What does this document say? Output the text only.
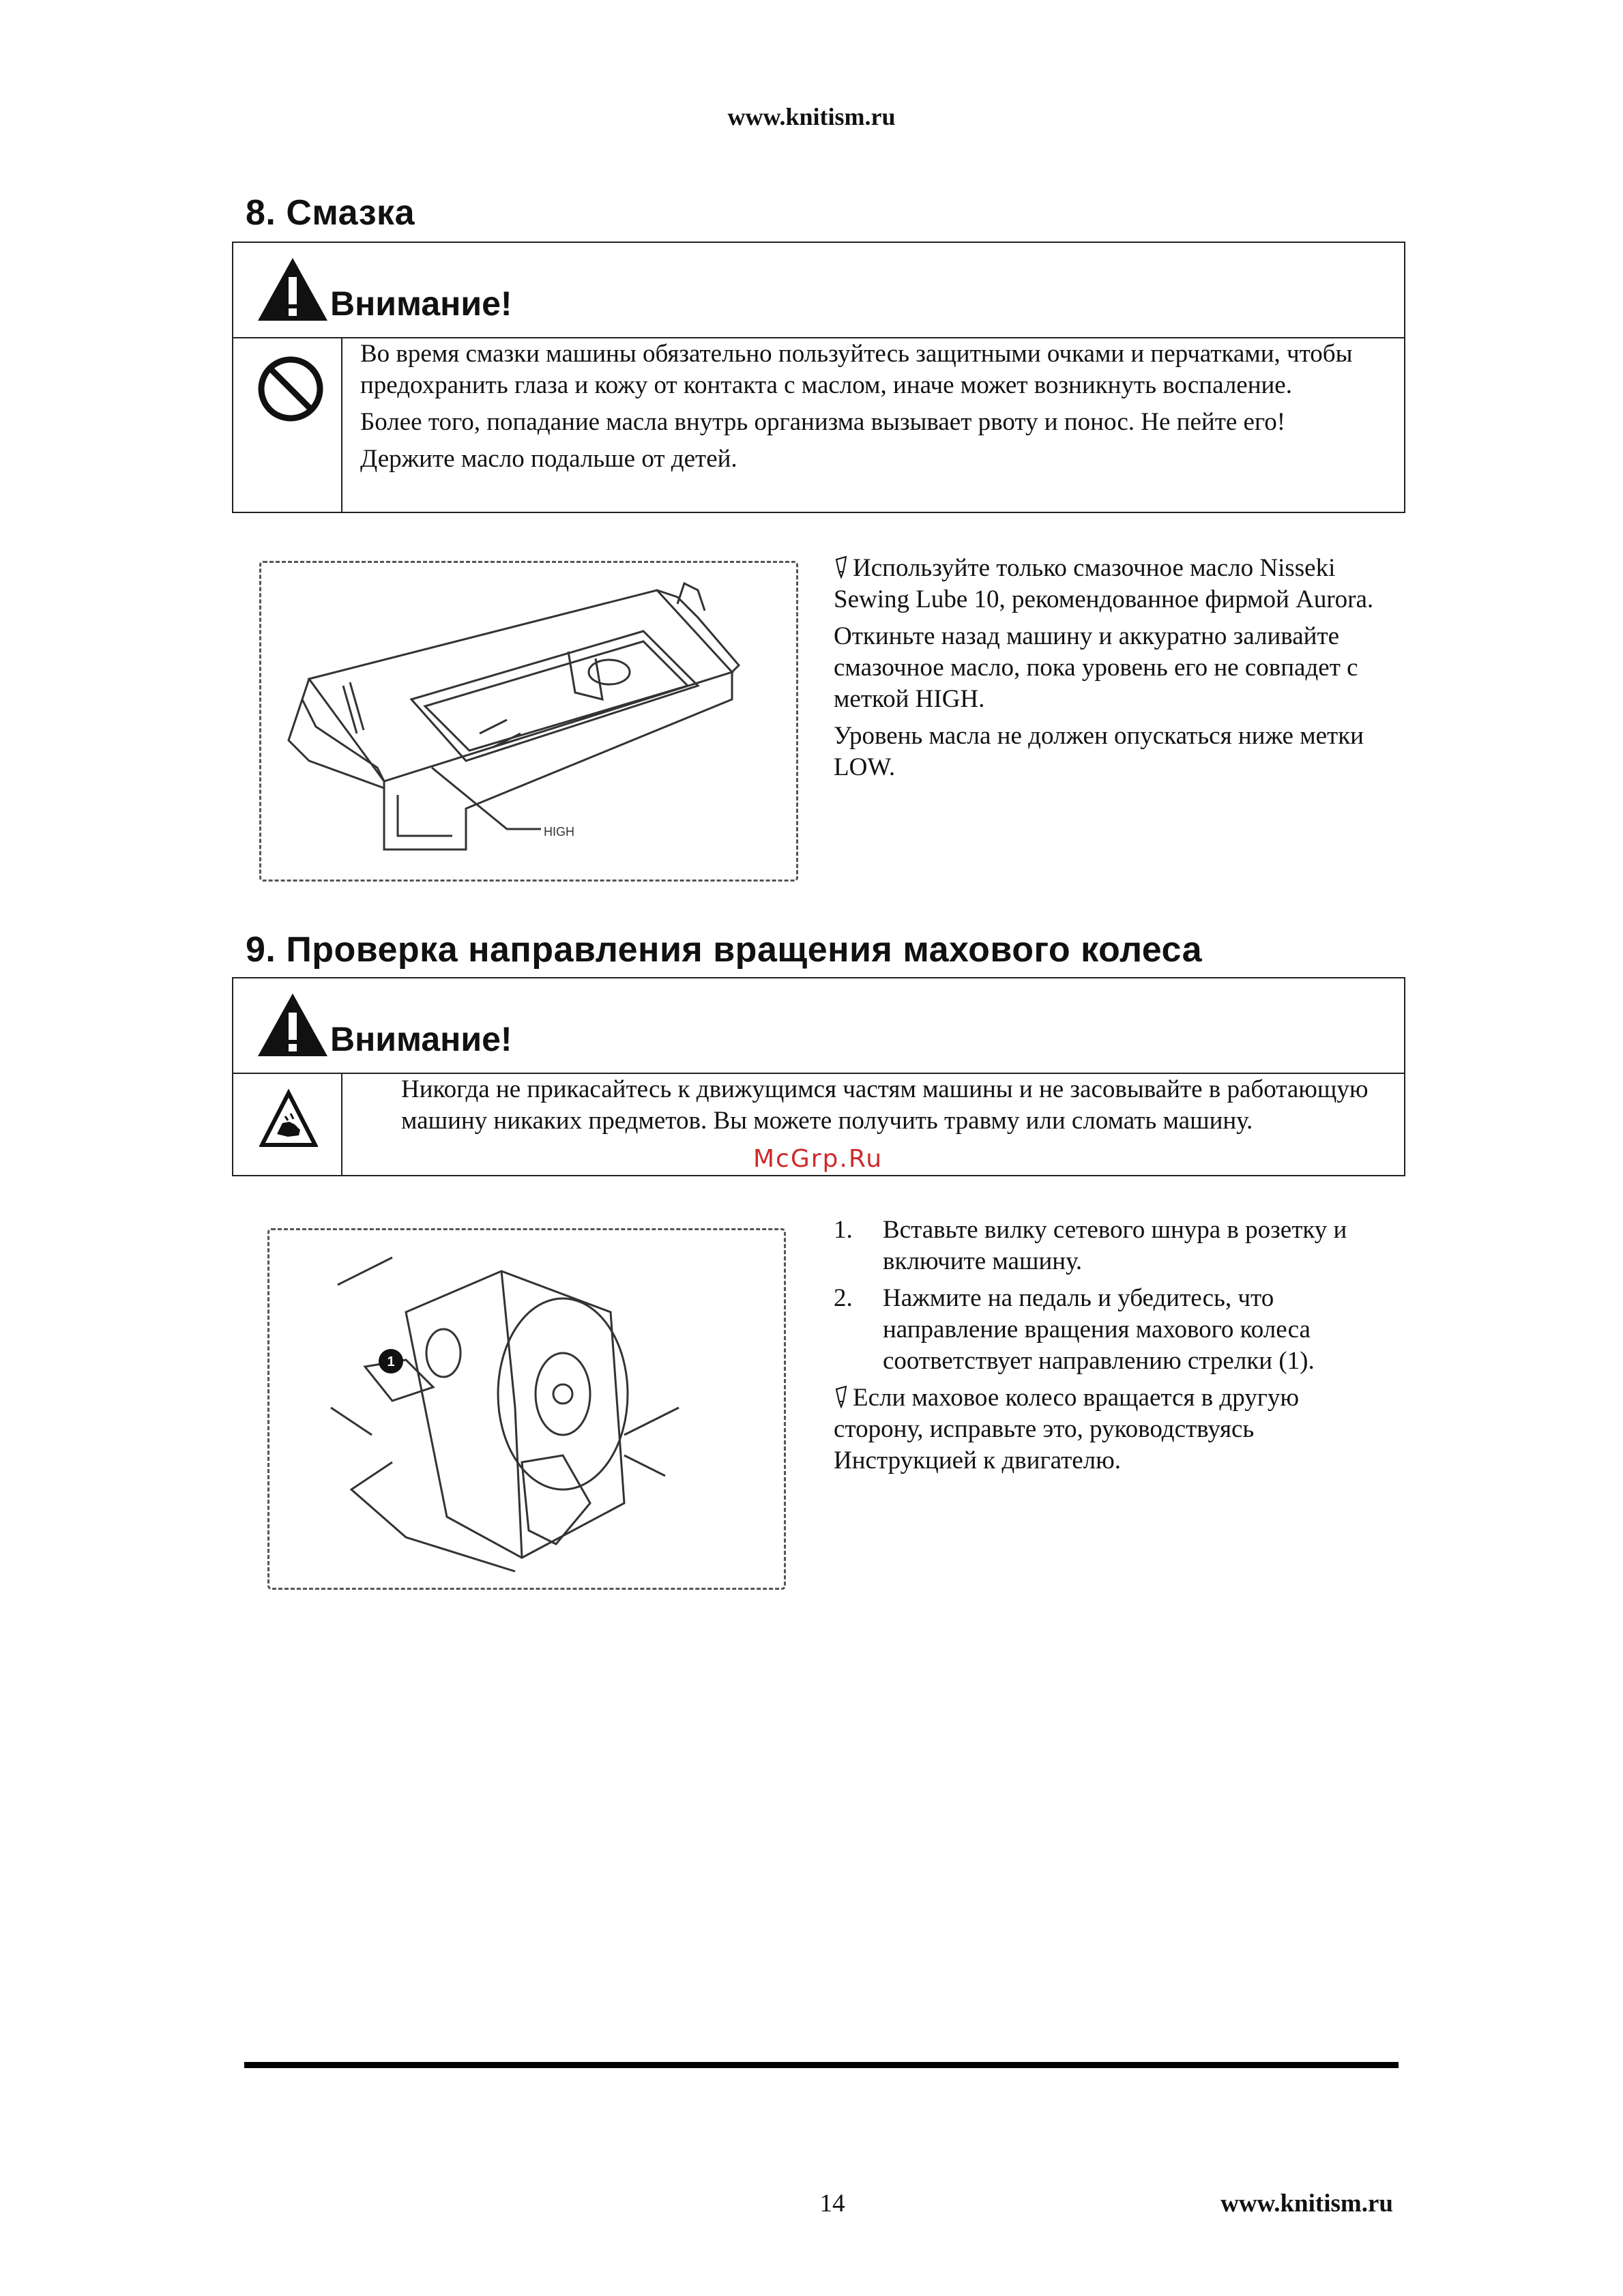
www.knitism.ru
8. Смазка
Внимание!

Во время смазки машины обязательно пользуйтесь защитными очками и перчатками, чтобы предохранить глаза и кожу от контакта с маслом, иначе может возникнуть воспаление.

Более того, попадание масла внутрь организма вызывает рвоту и понос. Не пейте его!

Держите масло подальше от детей.

HIGH

Используйте только смазочное масло Nisseki Sewing Lube 10, рекомендованное фирмой Aurora.

Откиньте назад машину и аккуратно заливайте смазочное масло, пока уровень его не совпадет с меткой HIGH.

Уровень масла не должен опускаться ниже метки LOW.

9. Проверка направления вращения махового колеса
Внимание!

Никогда не прикасайтесь к движущимся частям машины и не засовывайте в работающую машину никаких предметов. Вы можете получить травму или сломать машину.

McGrp.Ru
1
1.	Вставьте вилку сетевого шнура в розетку и включите машину.
2.	Нажмите на педаль и убедитесь, что направление вращения махового колеса соответствует направлению стрелки (1).

Если маховое колесо вращается в другую сторону, исправьте это, руководствуясь Инструкцией к двигателю.

14	www.knitism.ru
